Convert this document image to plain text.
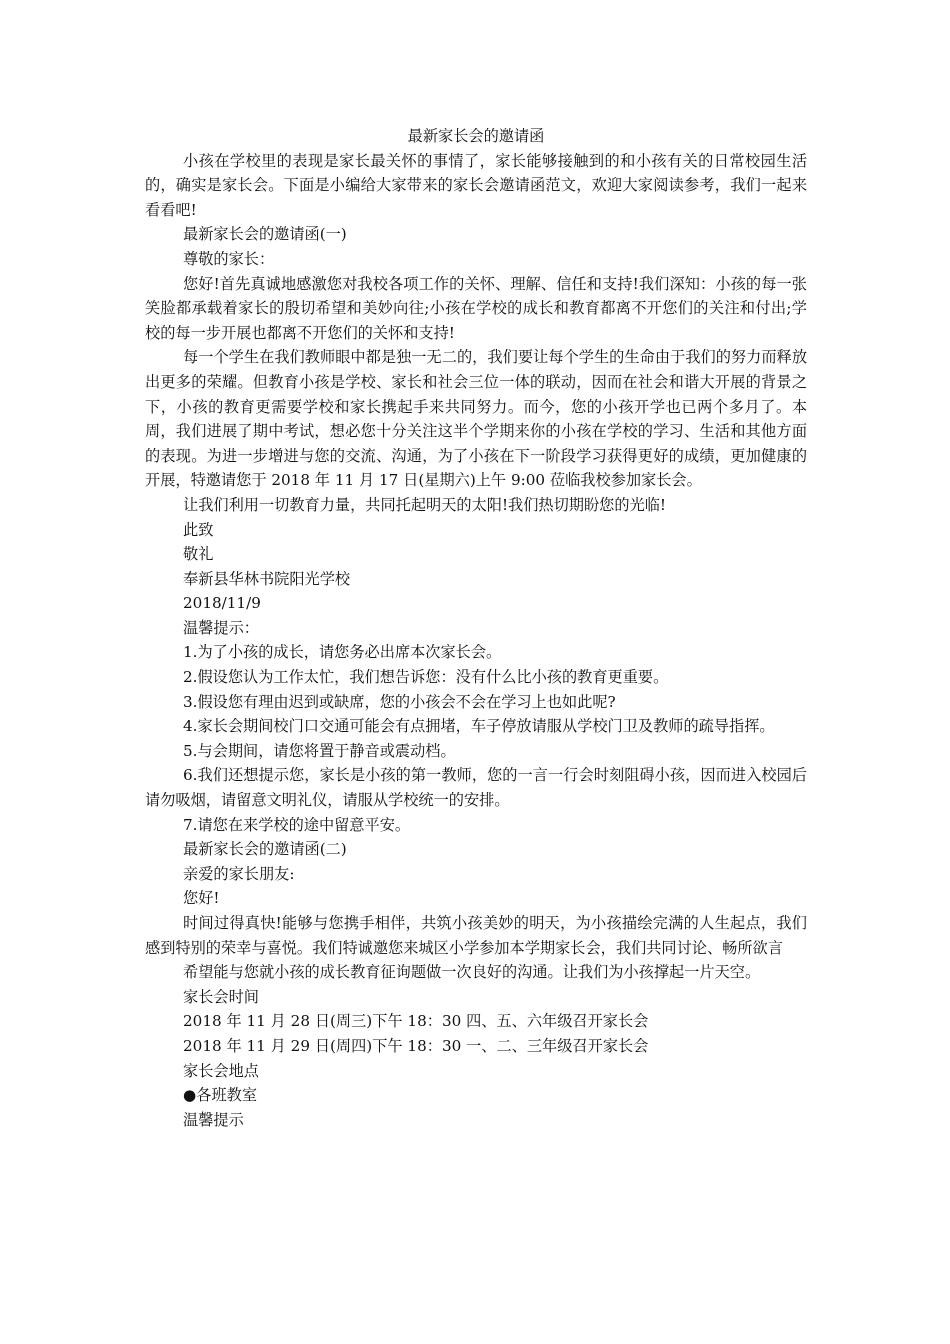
最新家长会的邀请函

小孩在学校里的表现是家长最关怀的事情了，家长能够接触到的和小孩有关的日常校园生活的，确实是家长会。下面是小编给大家带来的家长会邀请函范文，欢迎大家阅读参考，我们一起来看看吧!

最新家长会的邀请函(一)

尊敬的家长：

您好!首先真诚地感激您对我校各项工作的关怀、理解、信任和支持!我们深知：小孩的每一张笑脸都承载着家长的殷切希望和美妙向往;小孩在学校的成长和教育都离不开您们的关注和付出;学校的每一步开展也都离不开您们的关怀和支持!

每一个学生在我们教师眼中都是独一无二的，我们要让每个学生的生命由于我们的努力而释放出更多的荣耀。但教育小孩是学校、家长和社会三位一体的联动，因而在社会和谐大开展的背景之下，小孩的教育更需要学校和家长携起手来共同努力。而今，您的小孩开学也已两个多月了。本周，我们进展了期中考试，想必您十分关注这半个学期来你的小孩在学校的学习、生活和其他方面的表现。为进一步增进与您的交流、沟通，为了小孩在下一阶段学习获得更好的成绩，更加健康的开展，特邀请您于 2018 年 11 月 17 日(星期六)上午 9:00 莅临我校参加家长会。

让我们利用一切教育力量，共同托起明天的太阳!我们热切期盼您的光临!

此致

敬礼

奉新县华林书院阳光学校

2018/11/9

温馨提示：

1.为了小孩的成长，请您务必出席本次家长会。

2.假设您认为工作太忙，我们想告诉您：没有什么比小孩的教育更重要。

3.假设您有理由迟到或缺席，您的小孩会不会在学习上也如此呢?

4.家长会期间校门口交通可能会有点拥堵，车子停放请服从学校门卫及教师的疏导指挥。

5.与会期间，请您将置于静音或震动档。

6.我们还想提示您，家长是小孩的第一教师，您的一言一行会时刻阻碍小孩，因而进入校园后请勿吸烟，请留意文明礼仪，请服从学校统一的安排。

7.请您在来学校的途中留意平安。

最新家长会的邀请函(二)

亲爱的家长朋友:

您好!

时间过得真快!能够与您携手相伴，共筑小孩美妙的明天，为小孩描绘完满的人生起点，我们感到特别的荣幸与喜悦。我们特诚邀您来城区小学参加本学期家长会，我们共同讨论、畅所欲言

希望能与您就小孩的成长教育征询题做一次良好的沟通。让我们为小孩撑起一片天空。

家长会时间

2018 年 11 月 28 日(周三)下午 18：30 四、五、六年级召开家长会

2018 年 11 月 29 日(周四)下午 18：30 一、二、三年级召开家长会

家长会地点

●各班教室

温馨提示
